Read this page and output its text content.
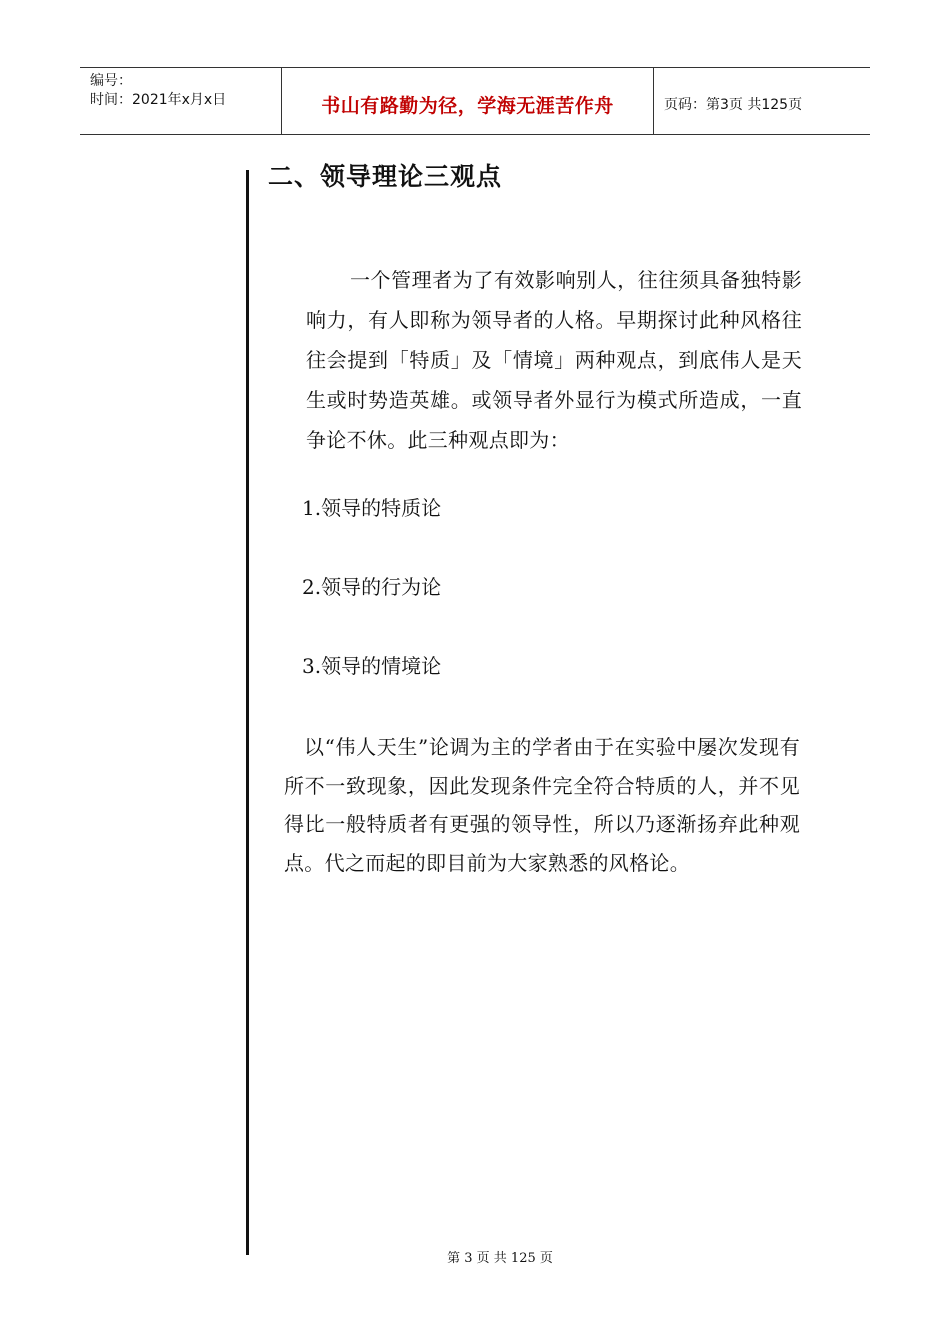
编号：
时间：2021年x月x日	书山有路勤为径，学海无涯苦作舟	页码：第3页 共125页
二、领导理论三观点
一个管理者为了有效影响别人，往往须具备独特影响力，有人即称为领导者的人格。早期探讨此种风格往往会提到「特质」及「情境」两种观点，到底伟人是天生或时势造英雄。或领导者外显行为模式所造成，一直争论不休。此三种观点即为：
1.领导的特质论
2.领导的行为论
3.领导的情境论
以“伟人天生”论调为主的学者由于在实验中屡次发现有所不一致现象，因此发现条件完全符合特质的人，并不见得比一般特质者有更强的领导性，所以乃逐渐扬弃此种观点。代之而起的即目前为大家熟悉的风格论。
第 3 页 共 125 页
